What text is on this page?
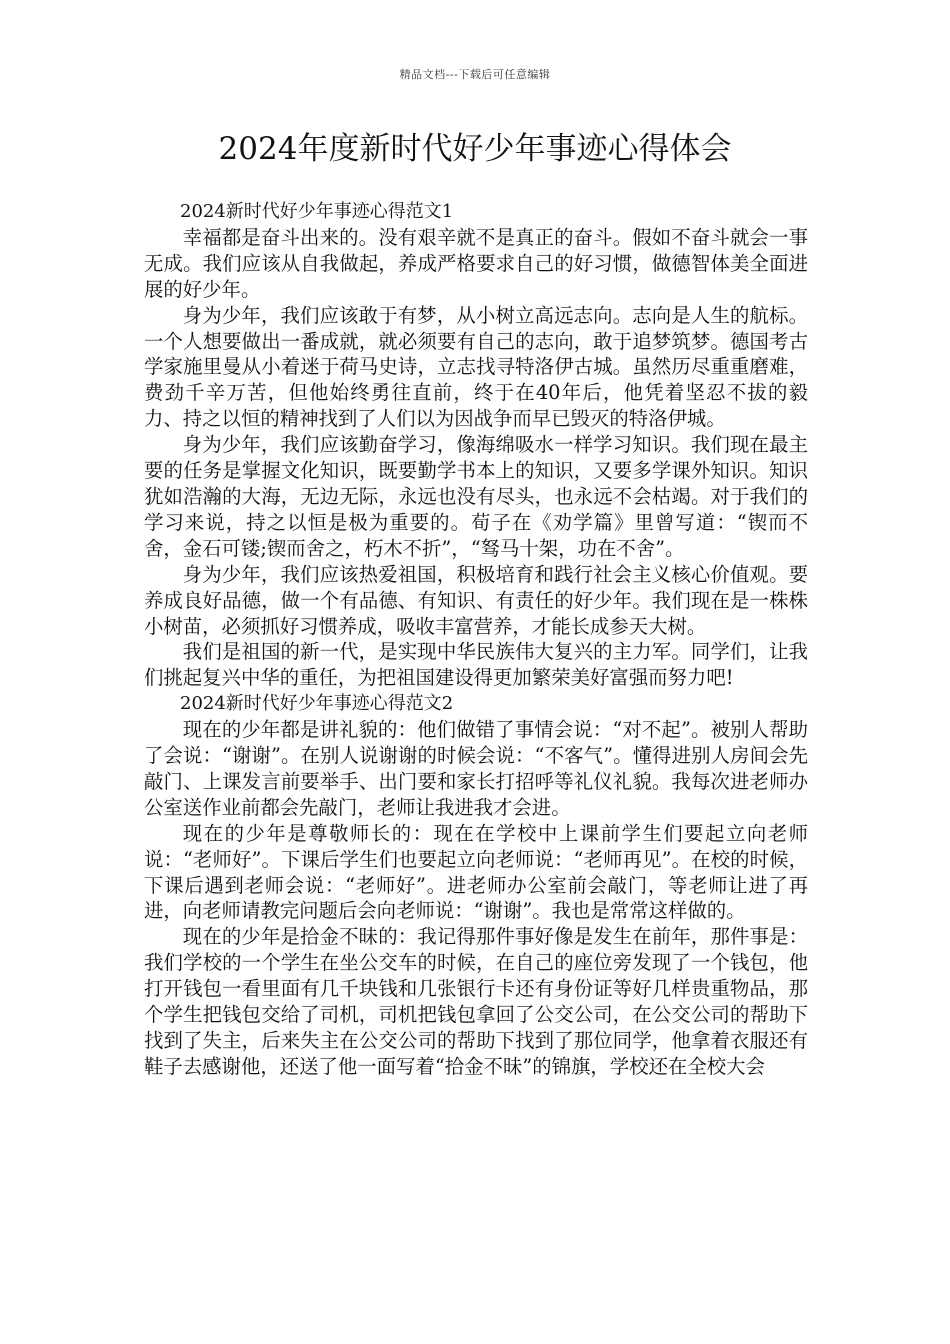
精品文档---下载后可任意编辑
2024年度新时代好少年事迹心得体会

2024新时代好少年事迹心得范文1

幸福都是奋斗出来的。没有艰辛就不是真正的奋斗。假如不奋斗就会一事无成。我们应该从自我做起，养成严格要求自己的好习惯，做德智体美全面进展的好少年。

身为少年，我们应该敢于有梦，从小树立高远志向。志向是人生的航标。一个人想要做出一番成就，就必须要有自己的志向，敢于追梦筑梦。德国考古学家施里曼从小着迷于荷马史诗，立志找寻特洛伊古城。虽然历尽重重磨难，费劲千辛万苦，但他始终勇往直前，终于在40年后，他凭着坚忍不拔的毅力、持之以恒的精神找到了人们以为因战争而早已毁灭的特洛伊城。

身为少年，我们应该勤奋学习，像海绵吸水一样学习知识。我们现在最主要的任务是掌握文化知识，既要勤学书本上的知识，又要多学课外知识。知识犹如浩瀚的大海，无边无际，永远也没有尽头，也永远不会枯竭。对于我们的学习来说，持之以恒是极为重要的。荀子在《劝学篇》里曾写道：“锲而不舍，金石可镂;锲而舍之，朽木不折”，“驽马十架，功在不舍”。

身为少年，我们应该热爱祖国，积极培育和践行社会主义核心价值观。要养成良好品德，做一个有品德、有知识、有责任的好少年。我们现在是一株株小树苗，必须抓好习惯养成，吸收丰富营养，才能长成参天大树。

我们是祖国的新一代，是实现中华民族伟大复兴的主力军。同学们，让我们挑起复兴中华的重任，为把祖国建设得更加繁荣美好富强而努力吧!

2024新时代好少年事迹心得范文2

现在的少年都是讲礼貌的：他们做错了事情会说：“对不起”。被别人帮助了会说：“谢谢”。在别人说谢谢的时候会说：“不客气”。懂得进别人房间会先敲门、上课发言前要举手、出门要和家长打招呼等礼仪礼貌。我每次进老师办公室送作业前都会先敲门，老师让我进我才会进。

现在的少年是尊敬师长的：现在在学校中上课前学生们要起立向老师说：“老师好”。下课后学生们也要起立向老师说：“老师再见”。在校的时候，下课后遇到老师会说：“老师好”。进老师办公室前会敲门，等老师让进了再进，向老师请教完问题后会向老师说：“谢谢”。我也是常常这样做的。

现在的少年是拾金不昧的：我记得那件事好像是发生在前年，那件事是：我们学校的一个学生在坐公交车的时候，在自己的座位旁发现了一个钱包，他打开钱包一看里面有几千块钱和几张银行卡还有身份证等好几样贵重物品，那个学生把钱包交给了司机，司机把钱包拿回了公交公司，在公交公司的帮助下找到了失主，后来失主在公交公司的帮助下找到了那位同学，他拿着衣服还有鞋子去感谢他，还送了他一面写着“拾金不昧”的锦旗，学校还在全校大会
